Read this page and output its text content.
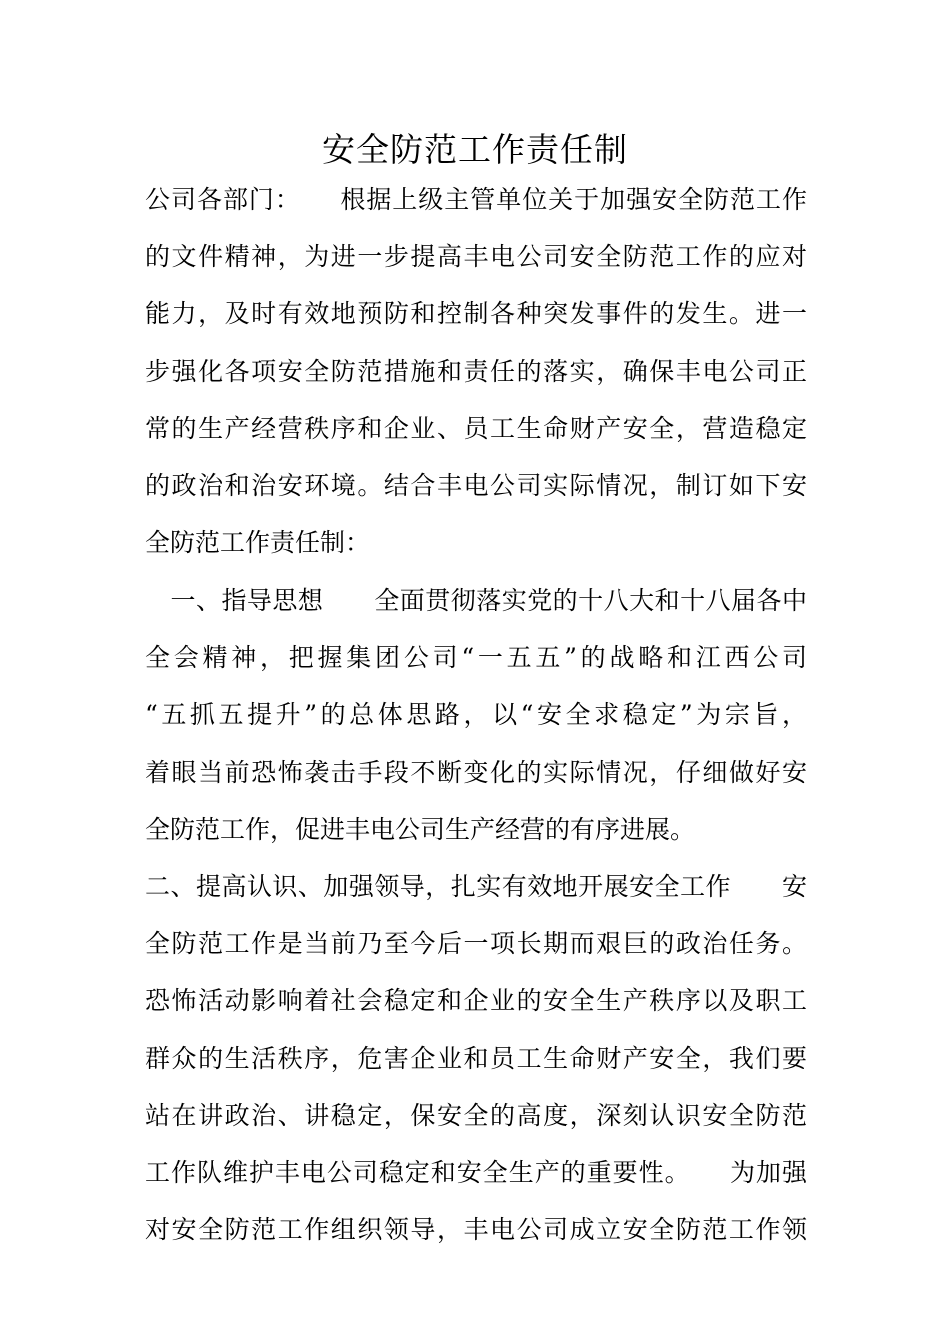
安全防范工作责任制
公司各部门：　　根据上级主管单位关于加强安全防范工作
的文件精神，为进一步提高丰电公司安全防范工作的应对
能力，及时有效地预防和控制各种突发事件的发生。进一
步强化各项安全防范措施和责任的落实，确保丰电公司正
常的生产经营秩序和企业、员工生命财产安全，营造稳定
的政治和治安环境。结合丰电公司实际情况，制订如下安
全防范工作责任制：
　一、指导思想　　全面贯彻落实党的十八大和十八届各中
全会精神，把握集团公司“一五五”的战略和江西公司
“五抓五提升”的总体思路，以“安全求稳定”为宗旨，
着眼当前恐怖袭击手段不断变化的实际情况，仔细做好安
全防范工作，促进丰电公司生产经营的有序进展。
二、提高认识、加强领导，扎实有效地开展安全工作　　安
全防范工作是当前乃至今后一项长期而艰巨的政治任务。
恐怖活动影响着社会稳定和企业的安全生产秩序以及职工
群众的生活秩序，危害企业和员工生命财产安全，我们要
站在讲政治、讲稳定，保安全的高度，深刻认识安全防范
工作队维护丰电公司稳定和安全生产的重要性。　　为加强
对安全防范工作组织领导，丰电公司成立安全防范工作领
